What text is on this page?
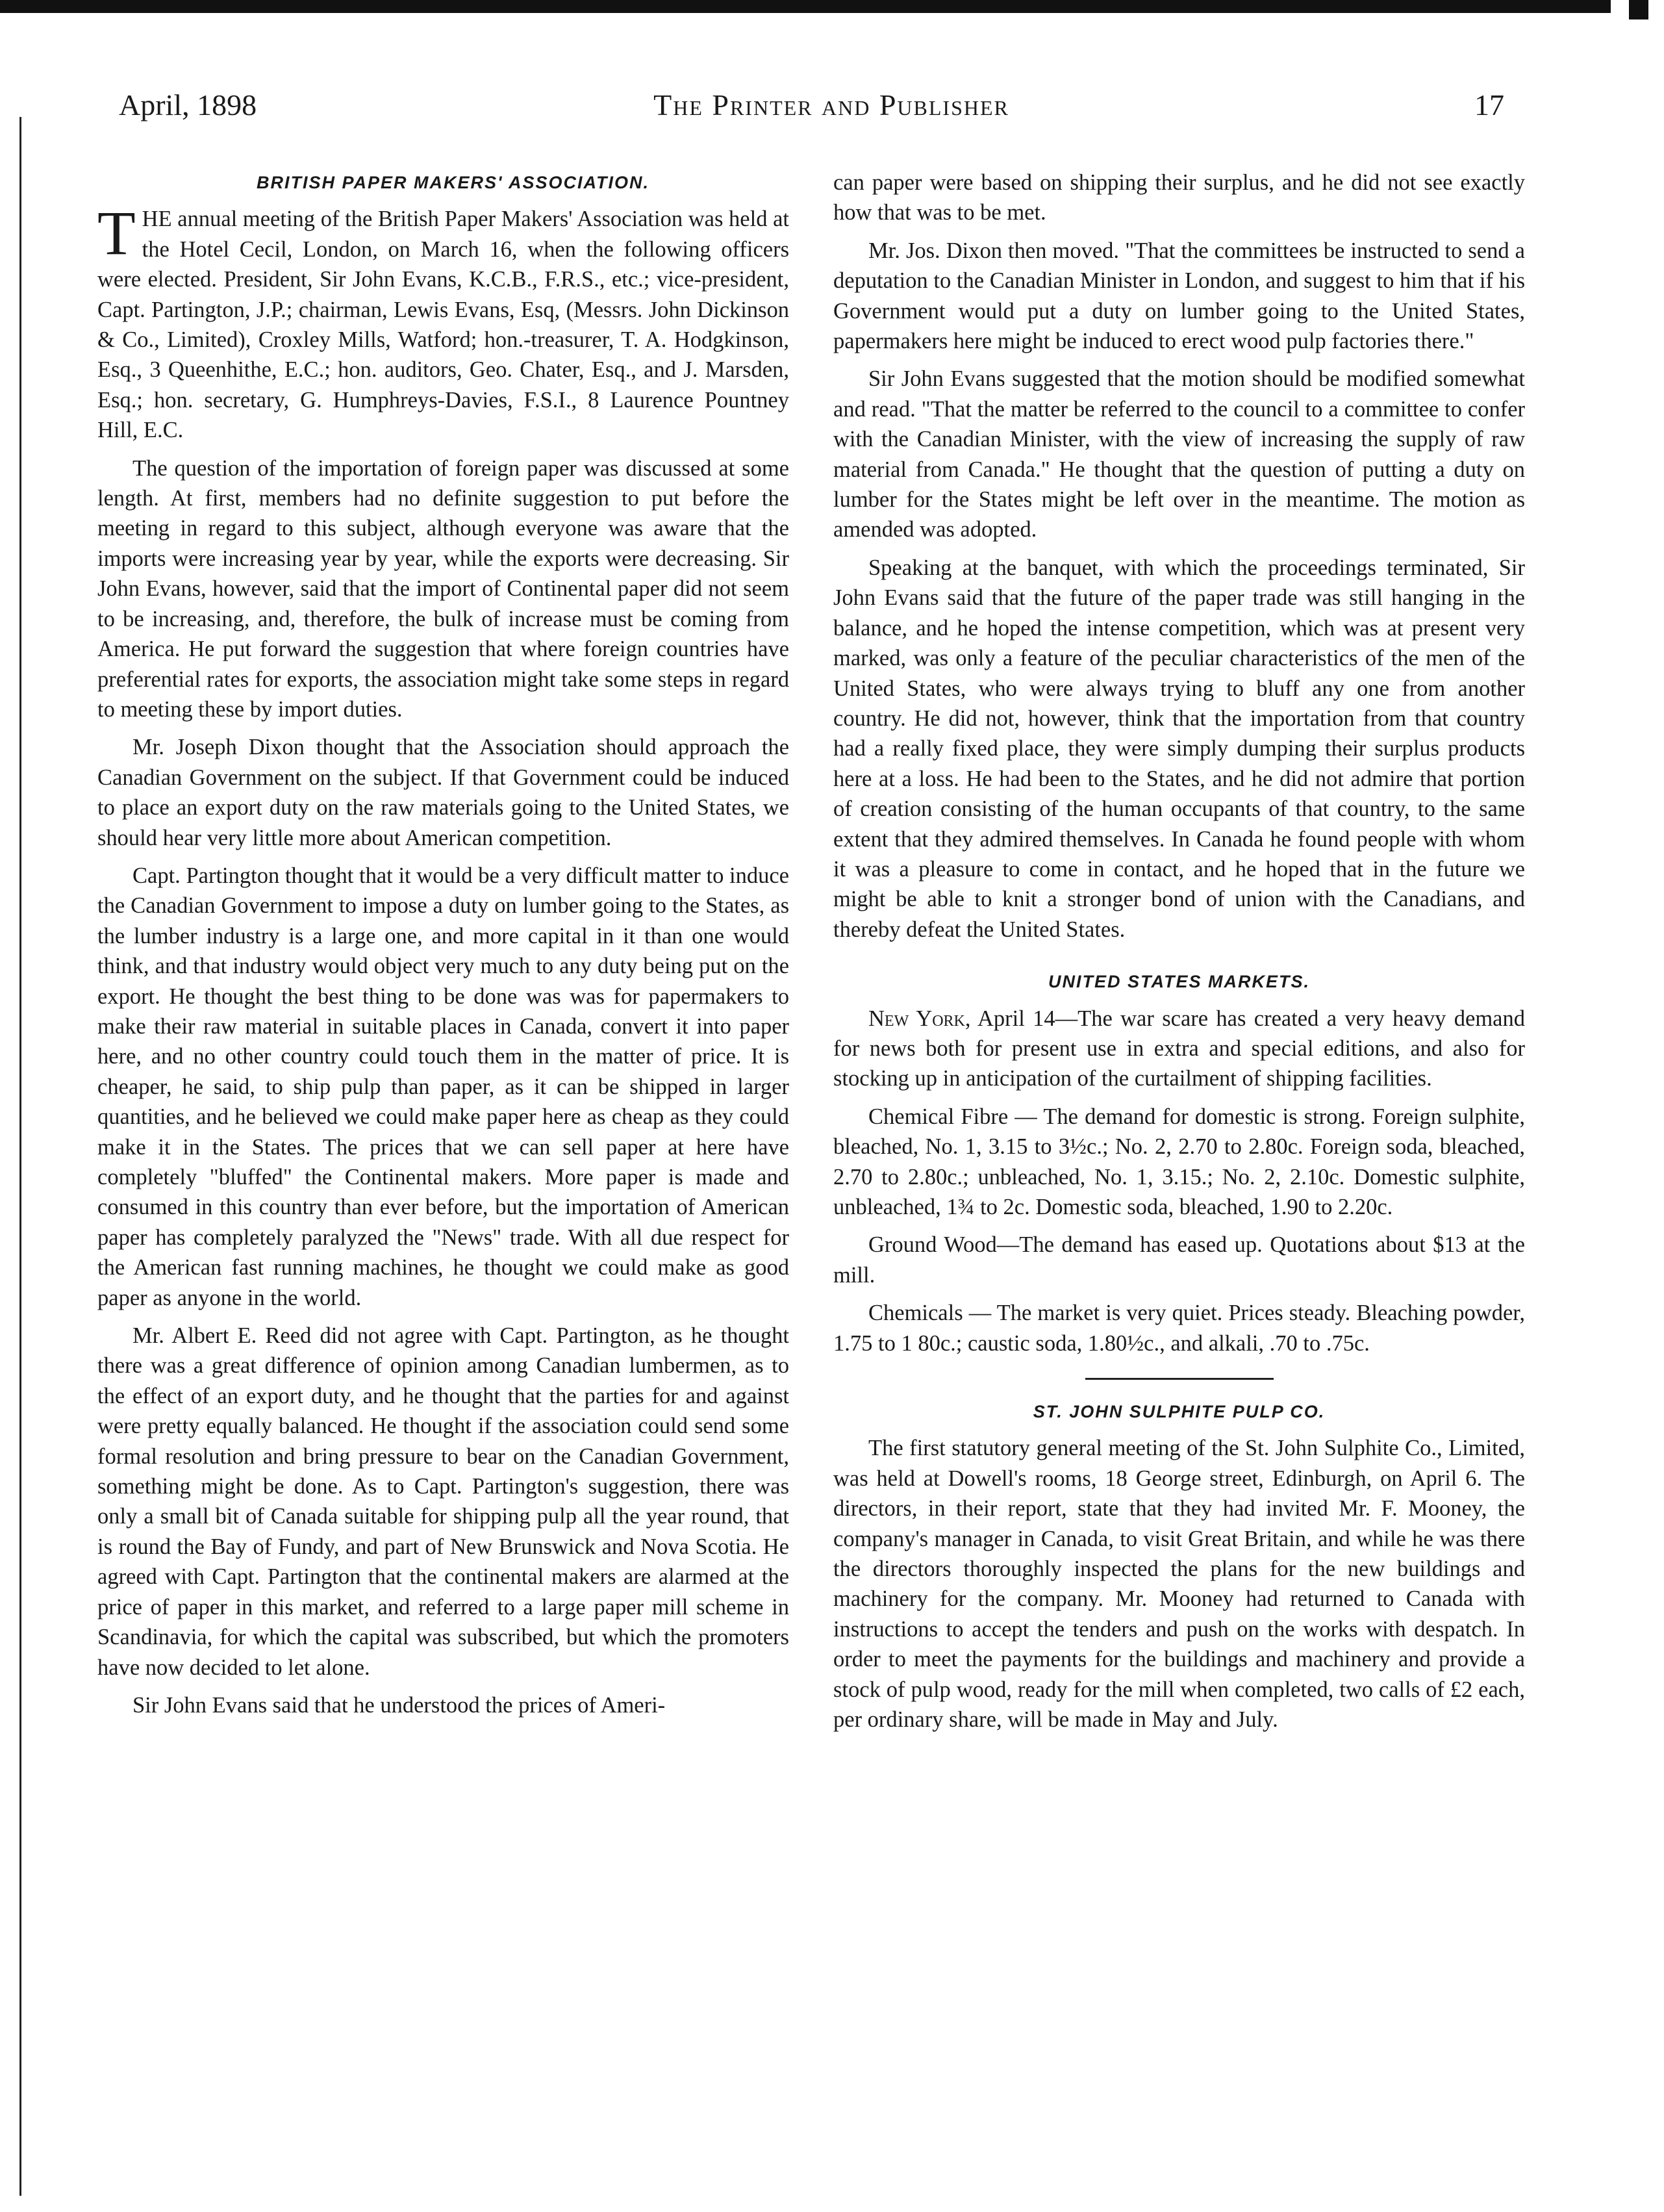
April, 1898	The Printer and Publisher	17
BRITISH PAPER MAKERS' ASSOCIATION.

THE annual meeting of the British Paper Makers' Association was held at the Hotel Cecil, London, on March 16, when the following officers were elected. President, Sir John Evans, K.C.B., F.R.S., etc.; vice-president, Capt. Partington, J.P.; chairman, Lewis Evans, Esq, (Messrs. John Dickinson & Co., Limited), Croxley Mills, Watford; hon.-treasurer, T. A. Hodgkinson, Esq., 3 Queenhithe, E.C.; hon. auditors, Geo. Chater, Esq., and J. Marsden, Esq.; hon. secretary, G. Humphreys-Davies, F.S.I., 8 Laurence Pountney Hill, E.C.

The question of the importation of foreign paper was discussed at some length. At first, members had no definite suggestion to put before the meeting in regard to this subject, although everyone was aware that the imports were increasing year by year, while the exports were decreasing. Sir John Evans, however, said that the import of Continental paper did not seem to be increasing, and, therefore, the bulk of increase must be coming from America. He put forward the suggestion that where foreign countries have preferential rates for exports, the association might take some steps in regard to meeting these by import duties.

Mr. Joseph Dixon thought that the Association should approach the Canadian Government on the subject. If that Government could be induced to place an export duty on the raw materials going to the United States, we should hear very little more about American competition.

Capt. Partington thought that it would be a very difficult matter to induce the Canadian Government to impose a duty on lumber going to the States, as the lumber industry is a large one, and more capital in it than one would think, and that industry would object very much to any duty being put on the export. He thought the best thing to be done was was for papermakers to make their raw material in suitable places in Canada, convert it into paper here, and no other country could touch them in the matter of price. It is cheaper, he said, to ship pulp than paper, as it can be shipped in larger quantities, and he believed we could make paper here as cheap as they could make it in the States. The prices that we can sell paper at here have completely "bluffed" the Continental makers. More paper is made and consumed in this country than ever before, but the importation of American paper has completely paralyzed the "News" trade. With all due respect for the American fast running machines, he thought we could make as good paper as anyone in the world.

Mr. Albert E. Reed did not agree with Capt. Partington, as he thought there was a great difference of opinion among Canadian lumbermen, as to the effect of an export duty, and he thought that the parties for and against were pretty equally balanced. He thought if the association could send some formal resolution and bring pressure to bear on the Canadian Government, something might be done. As to Capt. Partington's suggestion, there was only a small bit of Canada suitable for shipping pulp all the year round, that is round the Bay of Fundy, and part of New Brunswick and Nova Scotia. He agreed with Capt. Partington that the continental makers are alarmed at the price of paper in this market, and referred to a large paper mill scheme in Scandinavia, for which the capital was subscribed, but which the promoters have now decided to let alone.

Sir John Evans said that he understood the prices of Ameri-

can paper were based on shipping their surplus, and he did not see exactly how that was to be met.

Mr. Jos. Dixon then moved. "That the committees be instructed to send a deputation to the Canadian Minister in London, and suggest to him that if his Government would put a duty on lumber going to the United States, papermakers here might be induced to erect wood pulp factories there."

Sir John Evans suggested that the motion should be modified somewhat and read. "That the matter be referred to the council to a committee to confer with the Canadian Minister, with the view of increasing the supply of raw material from Canada." He thought that the question of putting a duty on lumber for the States might be left over in the meantime. The motion as amended was adopted.

Speaking at the banquet, with which the proceedings terminated, Sir John Evans said that the future of the paper trade was still hanging in the balance, and he hoped the intense competition, which was at present very marked, was only a feature of the peculiar characteristics of the men of the United States, who were always trying to bluff any one from another country. He did not, however, think that the importation from that country had a really fixed place, they were simply dumping their surplus products here at a loss. He had been to the States, and he did not admire that portion of creation consisting of the human occupants of that country, to the same extent that they admired themselves. In Canada he found people with whom it was a pleasure to come in contact, and he hoped that in the future we might be able to knit a stronger bond of union with the Canadians, and thereby defeat the United States.

UNITED STATES MARKETS.

New York, April 14—The war scare has created a very heavy demand for news both for present use in extra and special editions, and also for stocking up in anticipation of the curtailment of shipping facilities.

Chemical Fibre — The demand for domestic is strong. Foreign sulphite, bleached, No. 1, 3.15 to 3½c.; No. 2, 2.70 to 2.80c. Foreign soda, bleached, 2.70 to 2.80c.; unbleached, No. 1, 3.15.; No. 2, 2.10c. Domestic sulphite, unbleached, 1¾ to 2c. Domestic soda, bleached, 1.90 to 2.20c.

Ground Wood—The demand has eased up. Quotations about $13 at the mill.

Chemicals — The market is very quiet. Prices steady. Bleaching powder, 1.75 to 1 80c.; caustic soda, 1.80½c., and alkali, .70 to .75c.

ST. JOHN SULPHITE PULP CO.

The first statutory general meeting of the St. John Sulphite Co., Limited, was held at Dowell's rooms, 18 George street, Edinburgh, on April 6. The directors, in their report, state that they had invited Mr. F. Mooney, the company's manager in Canada, to visit Great Britain, and while he was there the directors thoroughly inspected the plans for the new buildings and machinery for the company. Mr. Mooney had returned to Canada with instructions to accept the tenders and push on the works with despatch. In order to meet the payments for the buildings and machinery and provide a stock of pulp wood, ready for the mill when completed, two calls of £2 each, per ordinary share, will be made in May and July.
